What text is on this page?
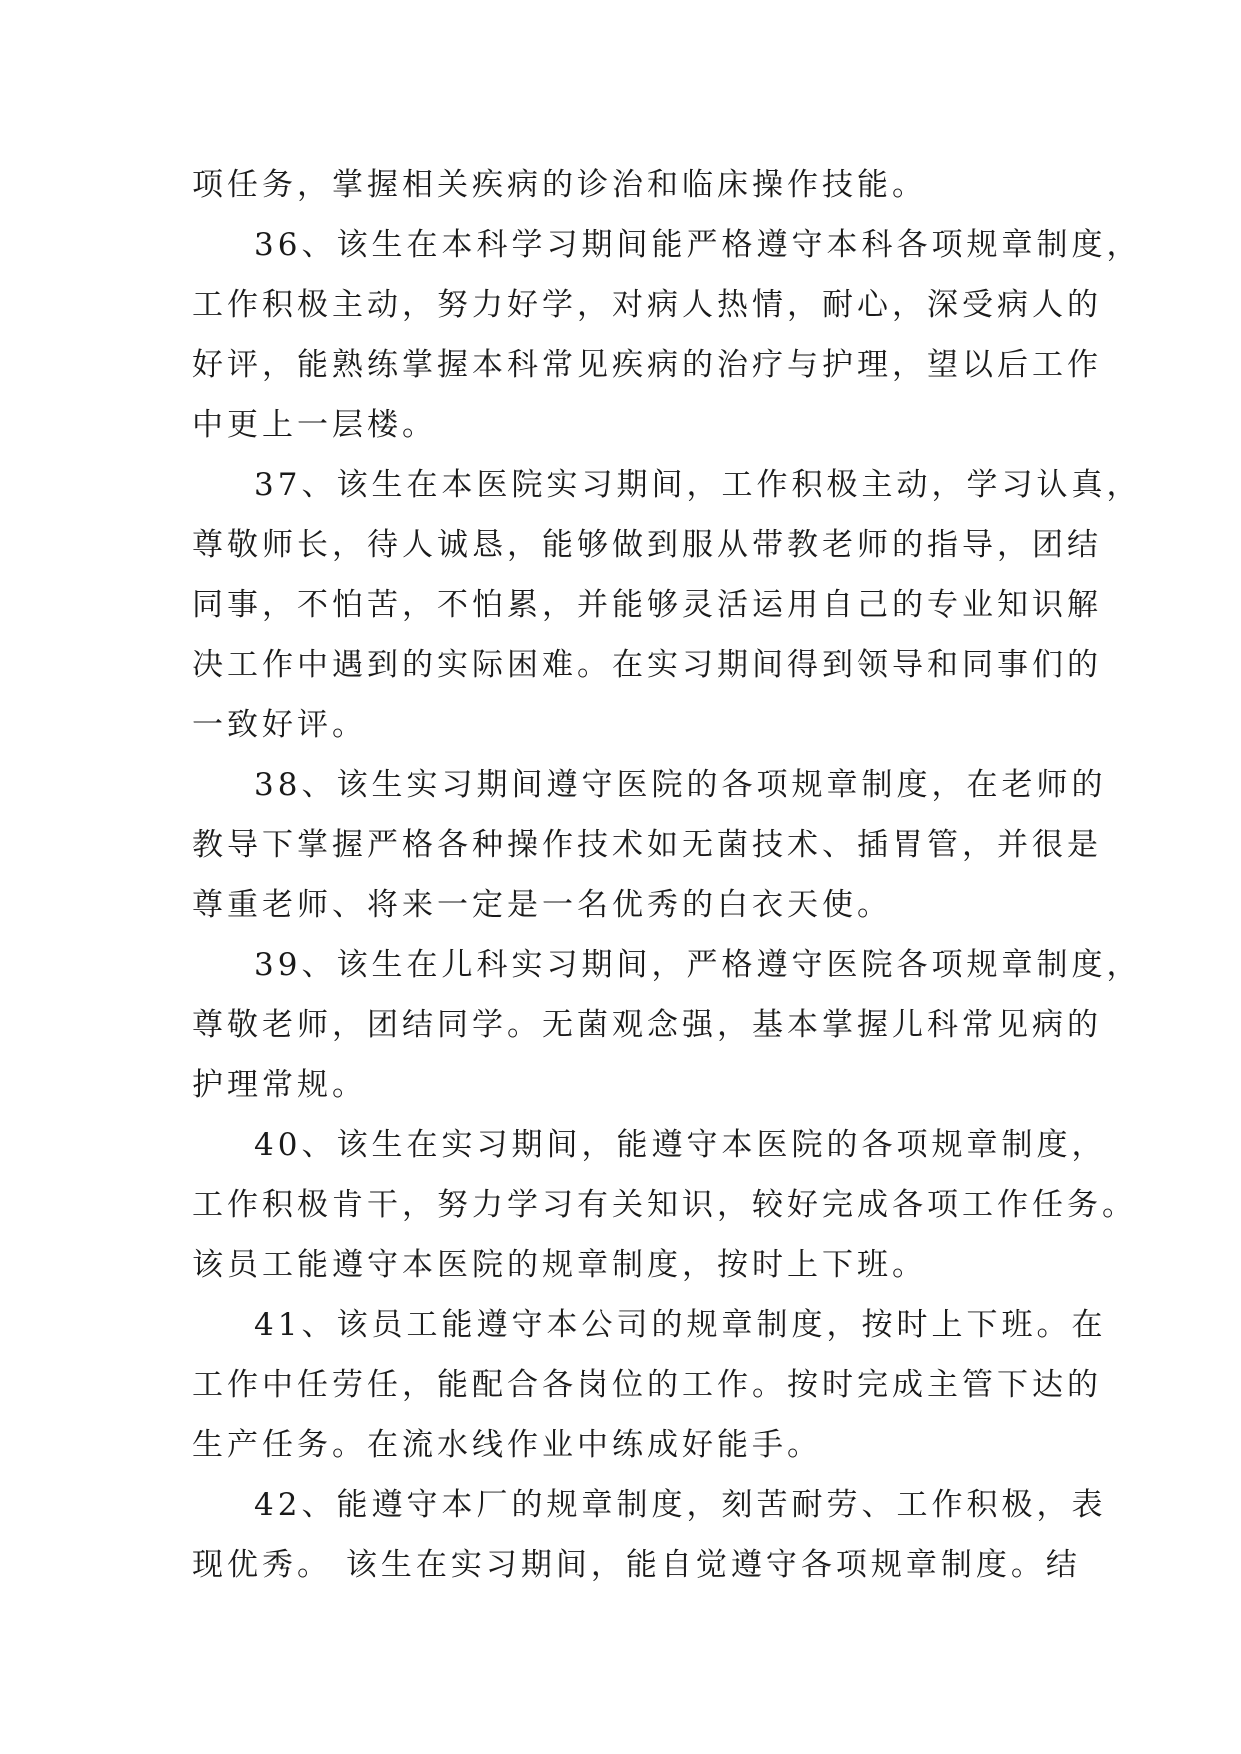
项任务，掌握相关疾病的诊治和临床操作技能。
36、该生在本科学习期间能严格遵守本科各项规章制度，
工作积极主动，努力好学，对病人热情，耐心，深受病人的
好评，能熟练掌握本科常见疾病的治疗与护理，望以后工作
中更上一层楼。
37、该生在本医院实习期间，工作积极主动，学习认真，
尊敬师长，待人诚恳，能够做到服从带教老师的指导，团结
同事，不怕苦，不怕累，并能够灵活运用自己的专业知识解
决工作中遇到的实际困难。在实习期间得到领导和同事们的
一致好评。
38、该生实习期间遵守医院的各项规章制度，在老师的
教导下掌握严格各种操作技术如无菌技术、插胃管，并很是
尊重老师、将来一定是一名优秀的白衣天使。
39、该生在儿科实习期间，严格遵守医院各项规章制度，
尊敬老师，团结同学。无菌观念强，基本掌握儿科常见病的
护理常规。
40、该生在实习期间，能遵守本医院的各项规章制度，
工作积极肯干，努力学习有关知识，较好完成各项工作任务。
该员工能遵守本医院的规章制度，按时上下班。
41、该员工能遵守本公司的规章制度，按时上下班。在
工作中任劳任，能配合各岗位的工作。按时完成主管下达的
生产任务。在流水线作业中练成好能手。
42、能遵守本厂的规章制度，刻苦耐劳、工作积极，表
现优秀。 该生在实习期间，能自觉遵守各项规章制度。结
